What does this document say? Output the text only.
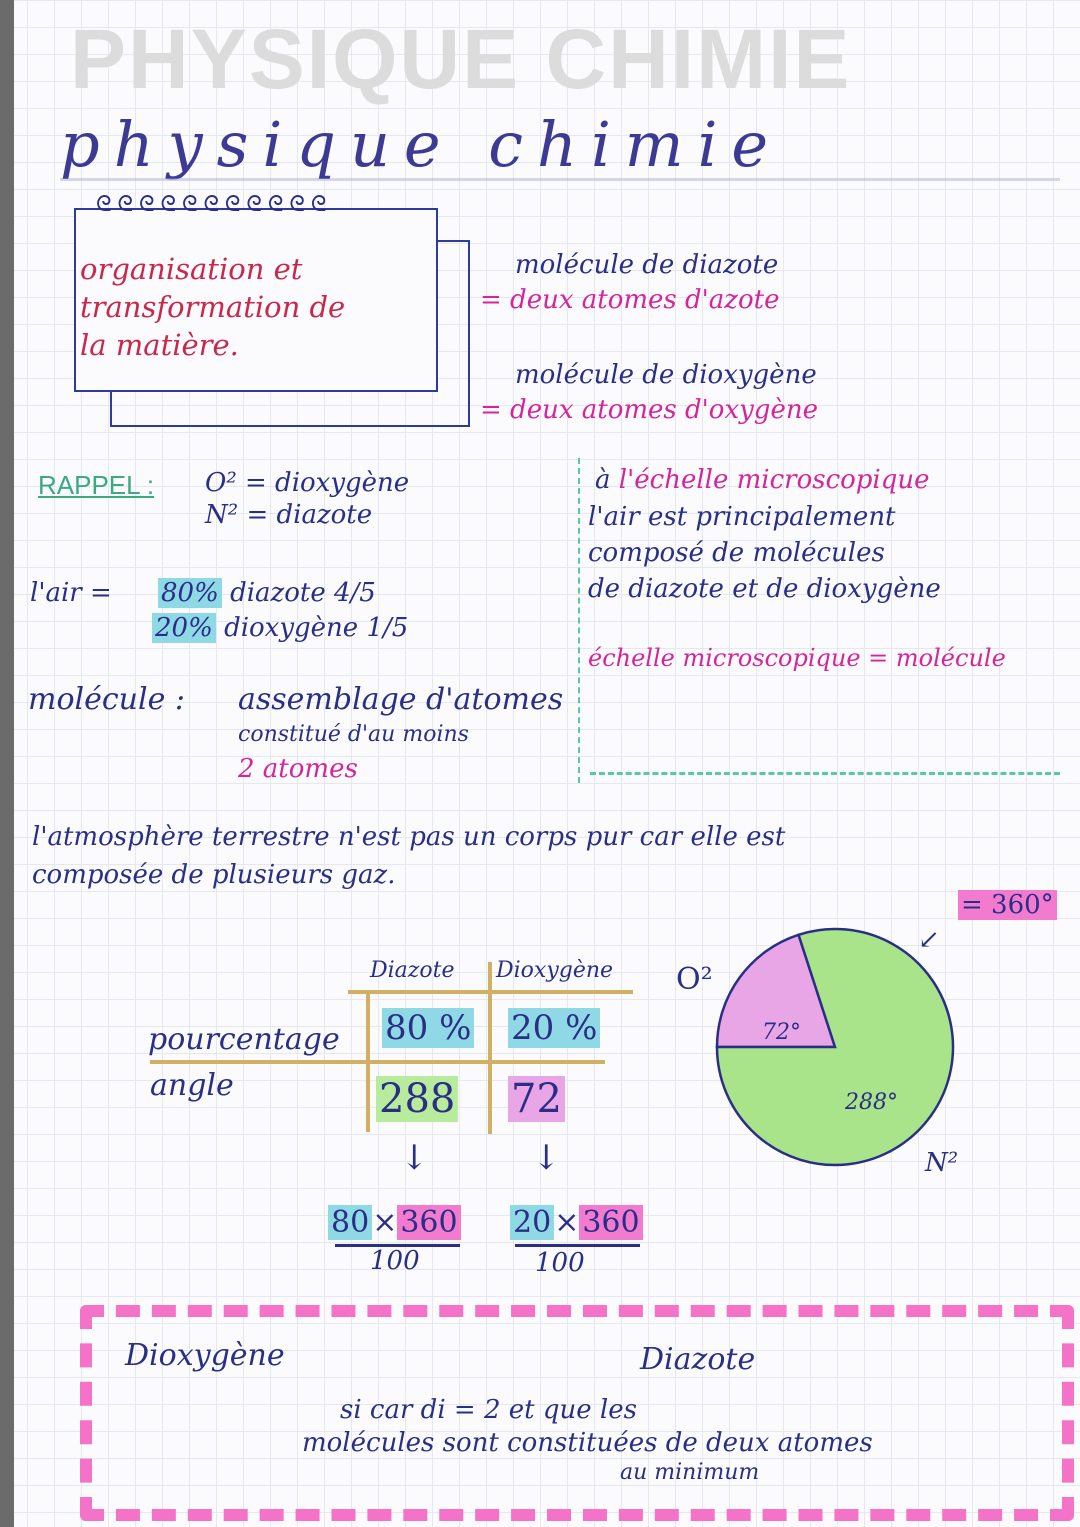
PHYSIQUE CHIMIE
physique chimie
ᘓᘓᘓᘓᘓᘓᘓᘓᘓᘓᘓ
organisation et
transformation de
la matière.
molécule de diazote
= deux atomes d'azote
molécule de dioxygène
= deux atomes d'oxygène
RAPPEL : O² = dioxygène
N² = diazote
l'air = 80% diazote 4/5
20% dioxygène 1/5
molécule : assemblage d'atomes
constitué d'au moins
2 atomes
à l'échelle microscopique
l'air est principalement
composé de molécules
de diazote et de dioxygène
échelle microscopique = molécule
l'atmosphère terrestre n'est pas un corps pur car elle est
composée de plusieurs gaz.
Diazote Dioxygène
pourcentage
angle
80 % 20 %
288 72
↓	↓
80 × 360
100
20 × 360
100
= 360°
↙
O²
N²
72°
288°
Dioxygène	Diazote
si car di = 2 et que les
molécules sont constituées de deux atomes
au minimum
